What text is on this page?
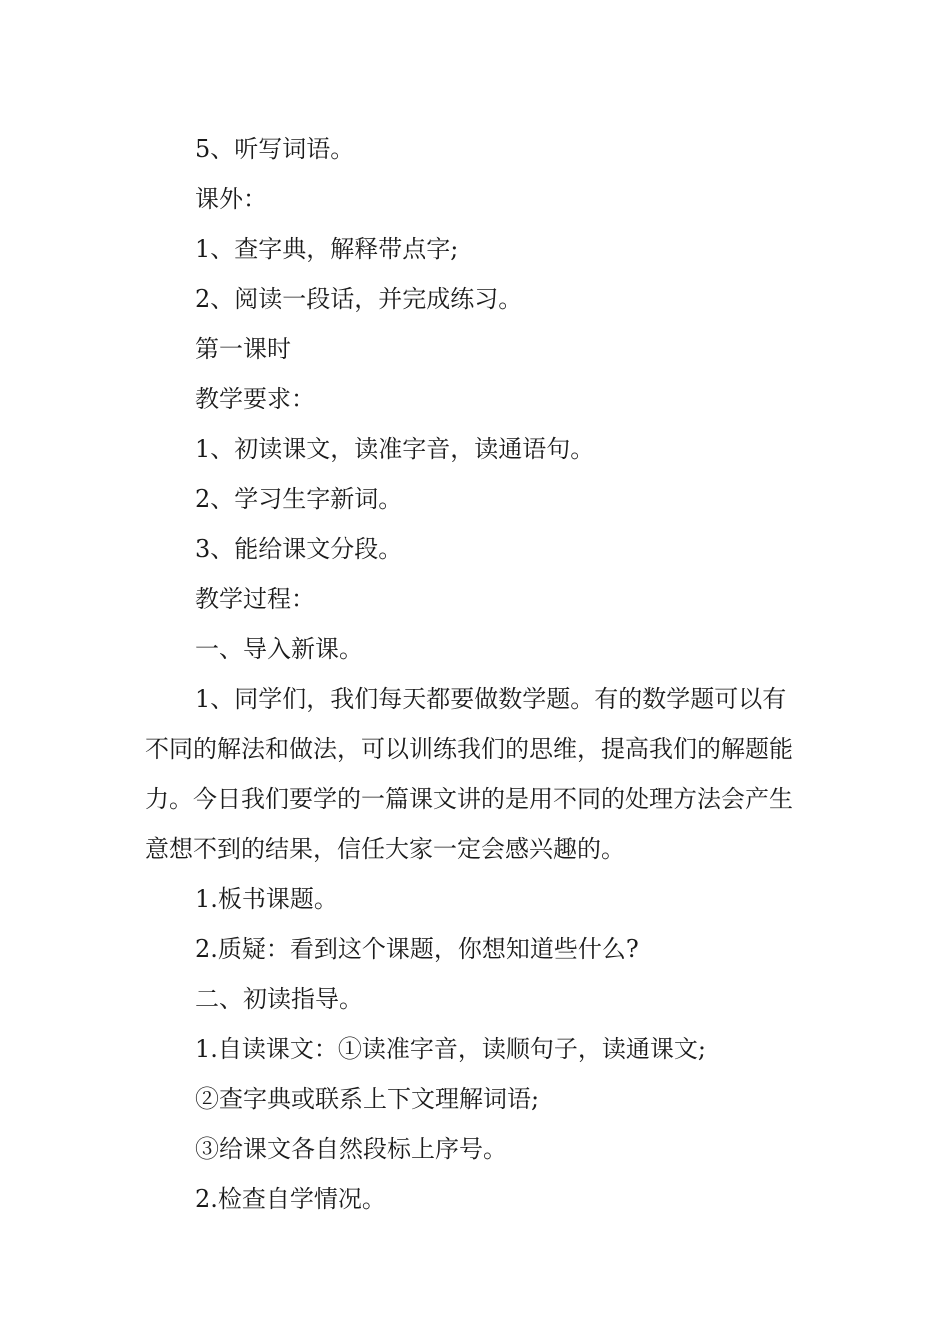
5、听写词语。

课外：

1、查字典，解释带点字;

2、阅读一段话，并完成练习。

第一课时

教学要求：

1、初读课文，读准字音，读通语句。

2、学习生字新词。

3、能给课文分段。

教学过程：

一、导入新课。

1、同学们，我们每天都要做数学题。有的数学题可以有不同的解法和做法，可以训练我们的思维，提高我们的解题能力。今日我们要学的一篇课文讲的是用不同的处理方法会产生意想不到的结果，信任大家一定会感兴趣的。

1.板书课题。

2.质疑：看到这个课题，你想知道些什么?

二、初读指导。

1.自读课文：①读准字音，读顺句子，读通课文;

②查字典或联系上下文理解词语;

③给课文各自然段标上序号。

2.检查自学情况。
